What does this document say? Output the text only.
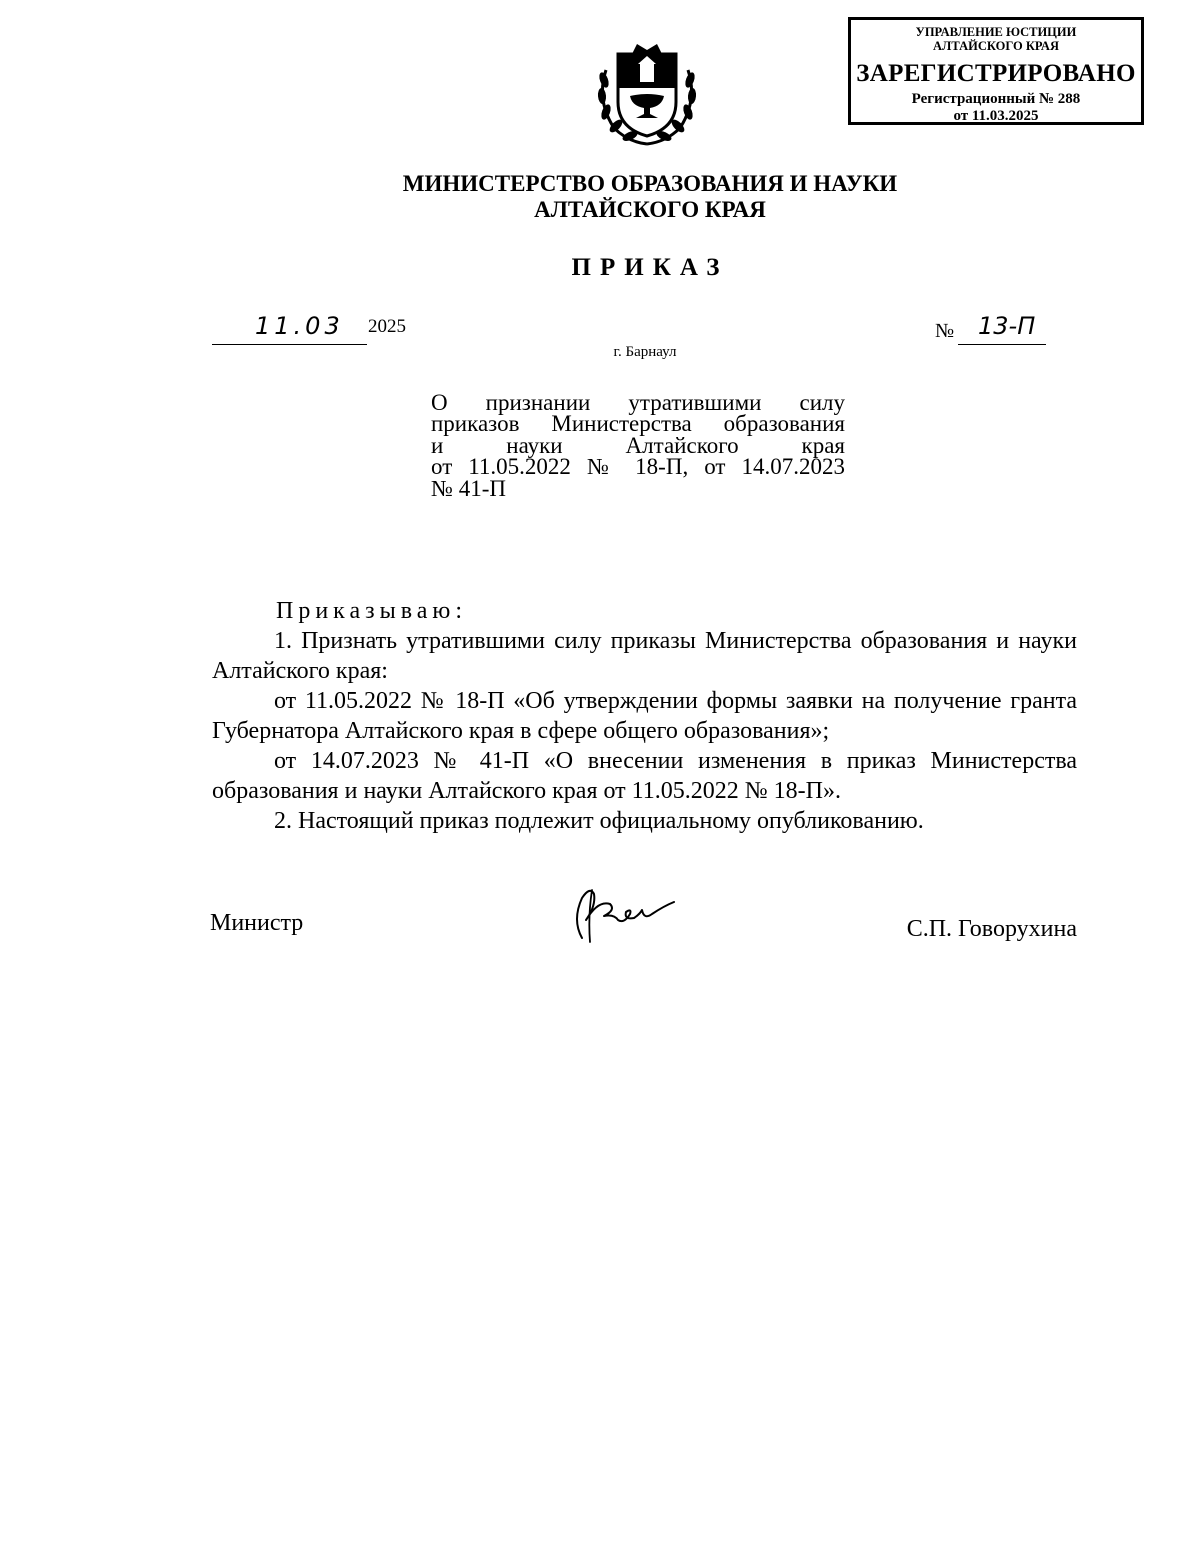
УПРАВЛЕНИЕ ЮСТИЦИИ
АЛТАЙСКОГО КРАЯ
ЗАРЕГИСТРИРОВАНО
Регистрационный № 288
от 11.03.2025
МИНИСТЕРСТВО ОБРАЗОВАНИЯ И НАУКИ
АЛТАЙСКОГО КРАЯ
ПРИКАЗ
11.03 2025	№ 13-П
г. Барнаул
О признании утратившими силу
приказов Министерства образования
и науки Алтайского края
от 11.05.2022 № 18-П, от 14.07.2023
№ 41-П

Приказываю:

1. Признать утратившими силу приказы Министерства образования и науки Алтайского края:

от 11.05.2022 № 18-П «Об утверждении формы заявки на получение гранта Губернатора Алтайского края в сфере общего образования»;

от 14.07.2023 № 41-П «О внесении изменения в приказ Министерства образования и науки Алтайского края от 11.05.2022 № 18-П».

2. Настоящий приказ подлежит официальному опубликованию.

Министр	С.П. Говорухина
